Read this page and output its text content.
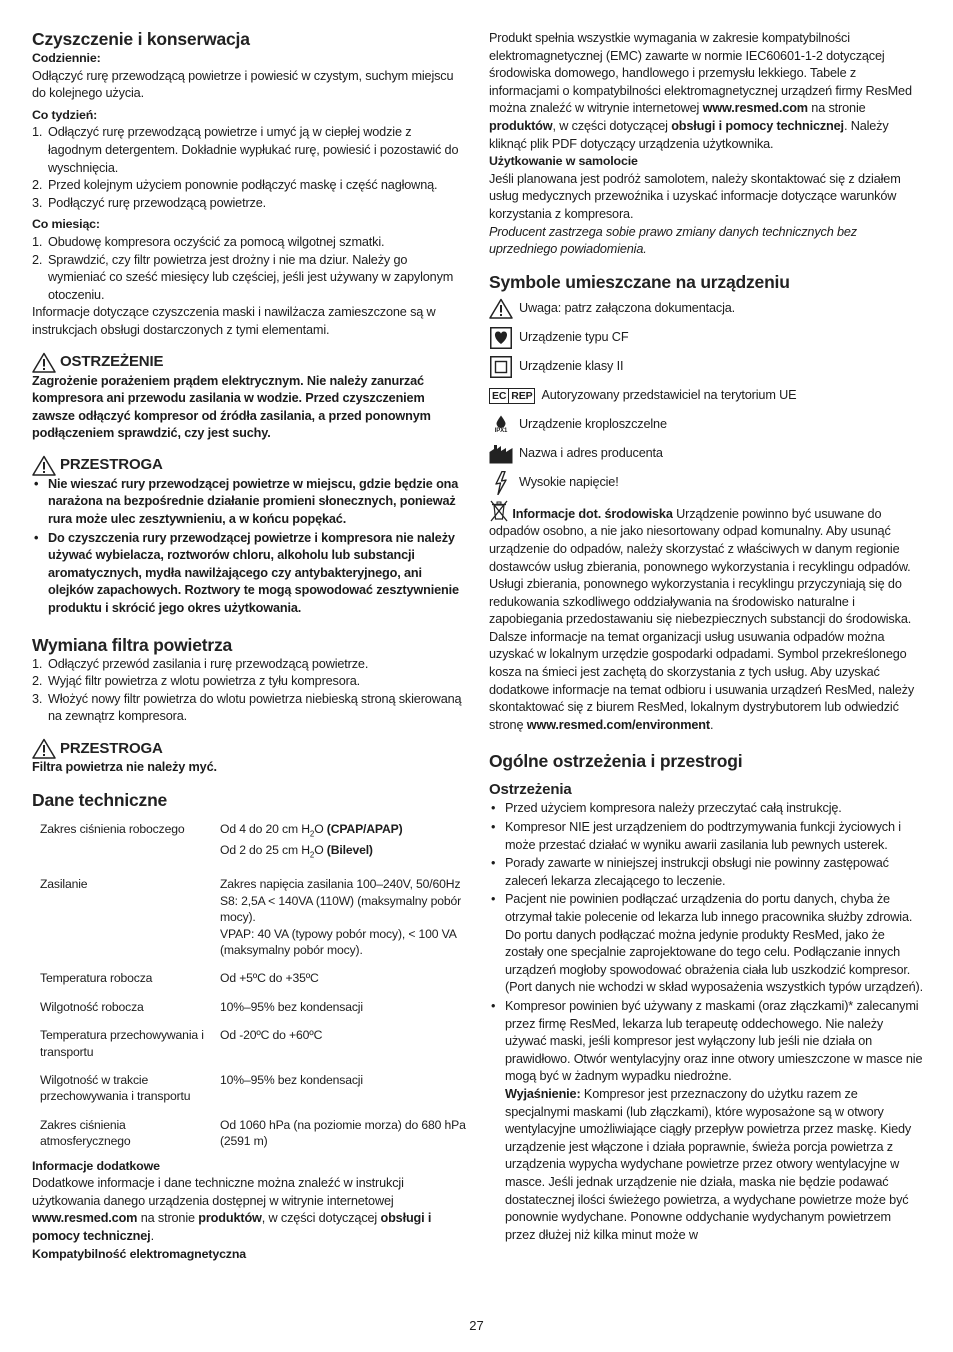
Czyszczenie i konserwacja
Codziennie:

Odłączyć rurę przewodzącą powietrze i powiesić w czystym, suchym miejscu do kolejnego użycia.

Co tydzień:
1. Odłączyć rurę przewodzącą powietrze i umyć ją w ciepłej wodzie z łagodnym detergentem. Dokładnie wypłukać rurę, powiesić i pozostawić do wyschnięcia.
2. Przed kolejnym użyciem ponownie podłączyć maskę i część nagłowną.
3. Podłączyć rurę przewodzącą powietrze.
Co miesiąc:
1. Obudowę kompresora oczyścić za pomocą wilgotnej szmatki.
2. Sprawdzić, czy filtr powietrza jest drożny i nie ma dziur. Należy go wymieniać co sześć miesięcy lub częściej, jeśli jest używany w zapylonym otoczeniu.

Informacje dotyczące czyszczenia maski i nawilżacza zamieszczone są w instrukcjach obsługi dostarczonych z tymi elementami.

OSTRZEŻENIE

Zagrożenie porażeniem prądem elektrycznym. Nie należy zanurzać kompresora ani przewodu zasilania w wodzie. Przed czyszczeniem zawsze odłączyć kompresor od źródła zasilania, a przed ponownym podłączeniem sprawdzić, czy jest suchy.

PRZESTROGA
• Nie wieszać rury przewodzącej powietrze w miejscu, gdzie będzie ona narażona na bezpośrednie działanie promieni słonecznych, ponieważ rura może ulec zesztywnieniu, a w końcu popękać.
• Do czyszczenia rury przewodzącej powietrze i kompresora nie należy używać wybielacza, roztworów chloru, alkoholu lub substancji aromatycznych, mydła nawilżającego czy antybakteryjnego, ani olejków zapachowych. Roztwory te mogą spowodować zesztywnienie produktu i skrócić jego okres użytkowania.
Wymiana filtra powietrza
1. Odłączyć przewód zasilania i rurę przewodzącą powietrze.
2. Wyjąć filtr powietrza z wlotu powietrza z tyłu kompresora.
3. Włożyć nowy filtr powietrza do wlotu powietrza niebieską stroną skierowaną na zewnątrz kompresora.
PRZESTROGA

Filtra powietrza nie należy myć.

Dane techniczne
Zakres ciśnienia roboczego	Od 4 do 20 cm $H_2O$ (CPAP/APAP)
Od 2 do 25 cm $H_2O$ (Bilevel)

Zasilanie	Zakres napięcia zasilania 100–240V, 50/60Hz
S8: 2,5A < 140VA (110W) (maksymalny pobór mocy).
VPAP: 40 VA (typowy pobór mocy), < 100 VA (maksymalny pobór mocy).
Temperatura robocza	Od +5ºC do +35ºC
Wilgotność robocza	10%–95% bez kondensacji
Temperatura przechowywania i transportu	Od -20ºC do +60ºC
Wilgotność w trakcie przechowywania i transportu	10%–95% bez kondensacji
Zakres ciśnienia atmosferycznego	Od 1060 hPa (na poziomie morza) do 680 hPa (2591 m)
Informacje dodatkowe

Dodatkowe informacje i dane techniczne można znaleźć w instrukcji użytkowania danego urządzenia dostępnej w witrynie internetowej www.resmed.com na stronie produktów, w części dotyczącej obsługi i pomocy technicznej.

Kompatybilność elektromagnetyczna

Produkt spełnia wszystkie wymagania w zakresie kompatybilności elektromagnetycznej (EMC) zawarte w normie IEC60601-1-2 dotyczącej środowiska domowego, handlowego i przemysłu lekkiego. Tabele z informacjami o kompatybilności elektromagnetycznej urządzeń firmy ResMed można znaleźć w witrynie internetowej www.resmed.com na stronie produktów, w części dotyczącej obsługi i pomocy technicznej. Należy kliknąć plik PDF dotyczący urządzenia użytkownika.

Użytkowanie w samolocie

Jeśli planowana jest podróż samolotem, należy skontaktować się z działem usług medycznych przewoźnika i uzyskać informacje dotyczące warunków korzystania z kompresora.

Producent zastrzega sobie prawo zmiany danych technicznych bez uprzedniego powiadomienia.

Symbole umieszczane na urządzeniu
Uwaga: patrz załączona dokumentacja.
Urządzenie typu CF
Urządzenie klasy II
EC REP Autoryzowany przedstawiciel na terytorium UE
IPX1 Urządzenie kroploszczelne
Nazwa i adres producenta
Wysokie napięcie!

Informacje dot. środowiska Urządzenie powinno być usuwane do odpadów osobno, a nie jako niesortowany odpad komunalny. Aby usunąć urządzenie do odpadów, należy skorzystać z właściwych w danym regionie dostawców usług zbierania, ponownego wykorzystania i recyklingu odpadów. Usługi zbierania, ponownego wykorzystania i recyklingu przyczyniają się do redukowania szkodliwego oddziaływania na środowisko naturalne i zapobiegania przedostawaniu się niebezpiecznych substancji do środowiska. Dalsze informacje na temat organizacji usług usuwania odpadów można uzyskać w lokalnym urzędzie gospodarki odpadami. Symbol przekreślonego kosza na śmieci jest zachętą do skorzystania z tych usług. Aby uzyskać dodatkowe informacje na temat odbioru i usuwania urządzeń ResMed, należy skontaktować się z biurem ResMed, lokalnym dystrybutorem lub odwiedzić stronę www.resmed.com/environment.

Ogólne ostrzeżenia i przestrogi
Ostrzeżenia
• Przed użyciem kompresora należy przeczytać całą instrukcję.
• Kompresor NIE jest urządzeniem do podtrzymywania funkcji życiowych i może przestać działać w wyniku awarii zasilania lub pewnych usterek.
• Porady zawarte w niniejszej instrukcji obsługi nie powinny zastępować zaleceń lekarza zlecającego to leczenie.
• Pacjent nie powinien podłączać urządzenia do portu danych, chyba że otrzymał takie polecenie od lekarza lub innego pracownika służby zdrowia. Do portu danych podłączać można jedynie produkty ResMed, jako że zostały one specjalnie zaprojektowane do tego celu. Podłączanie innych urządzeń mogłoby spowodować obrażenia ciała lub uszkodzić kompresor. (Port danych nie wchodzi w skład wyposażenia wszystkich typów urządzeń).
• Kompresor powinien być używany z maskami (oraz złączkami)* zalecanymi przez firmę ResMed, lekarza lub terapeutę oddechowego. Nie należy używać maski, jeśli kompresor jest wyłączony lub jeśli nie działa on prawidłowo. Otwór wentylacyjny oraz inne otwory umieszczone w masce nie mogą być w żadnym wypadku niedrożne.
Wyjaśnienie: Kompresor jest przeznaczony do użytku razem ze specjalnymi maskami (lub złączkami), które wyposażone są w otwory wentylacyjne umożliwiające ciągły przepływ powietrza przez maskę. Kiedy urządzenie jest włączone i działa poprawnie, świeża porcja powietrza z urządzenia wypycha wydychane powietrze przez otwory wentylacyjne w masce. Jeśli jednak urządzenie nie działa, maska nie będzie podawać dostatecznej ilości świeżego powietrza, a wydychane powietrze może być ponownie wydychane. Ponowne oddychanie wydychanym powietrzem przez dłużej niż kilka minut może w
27
